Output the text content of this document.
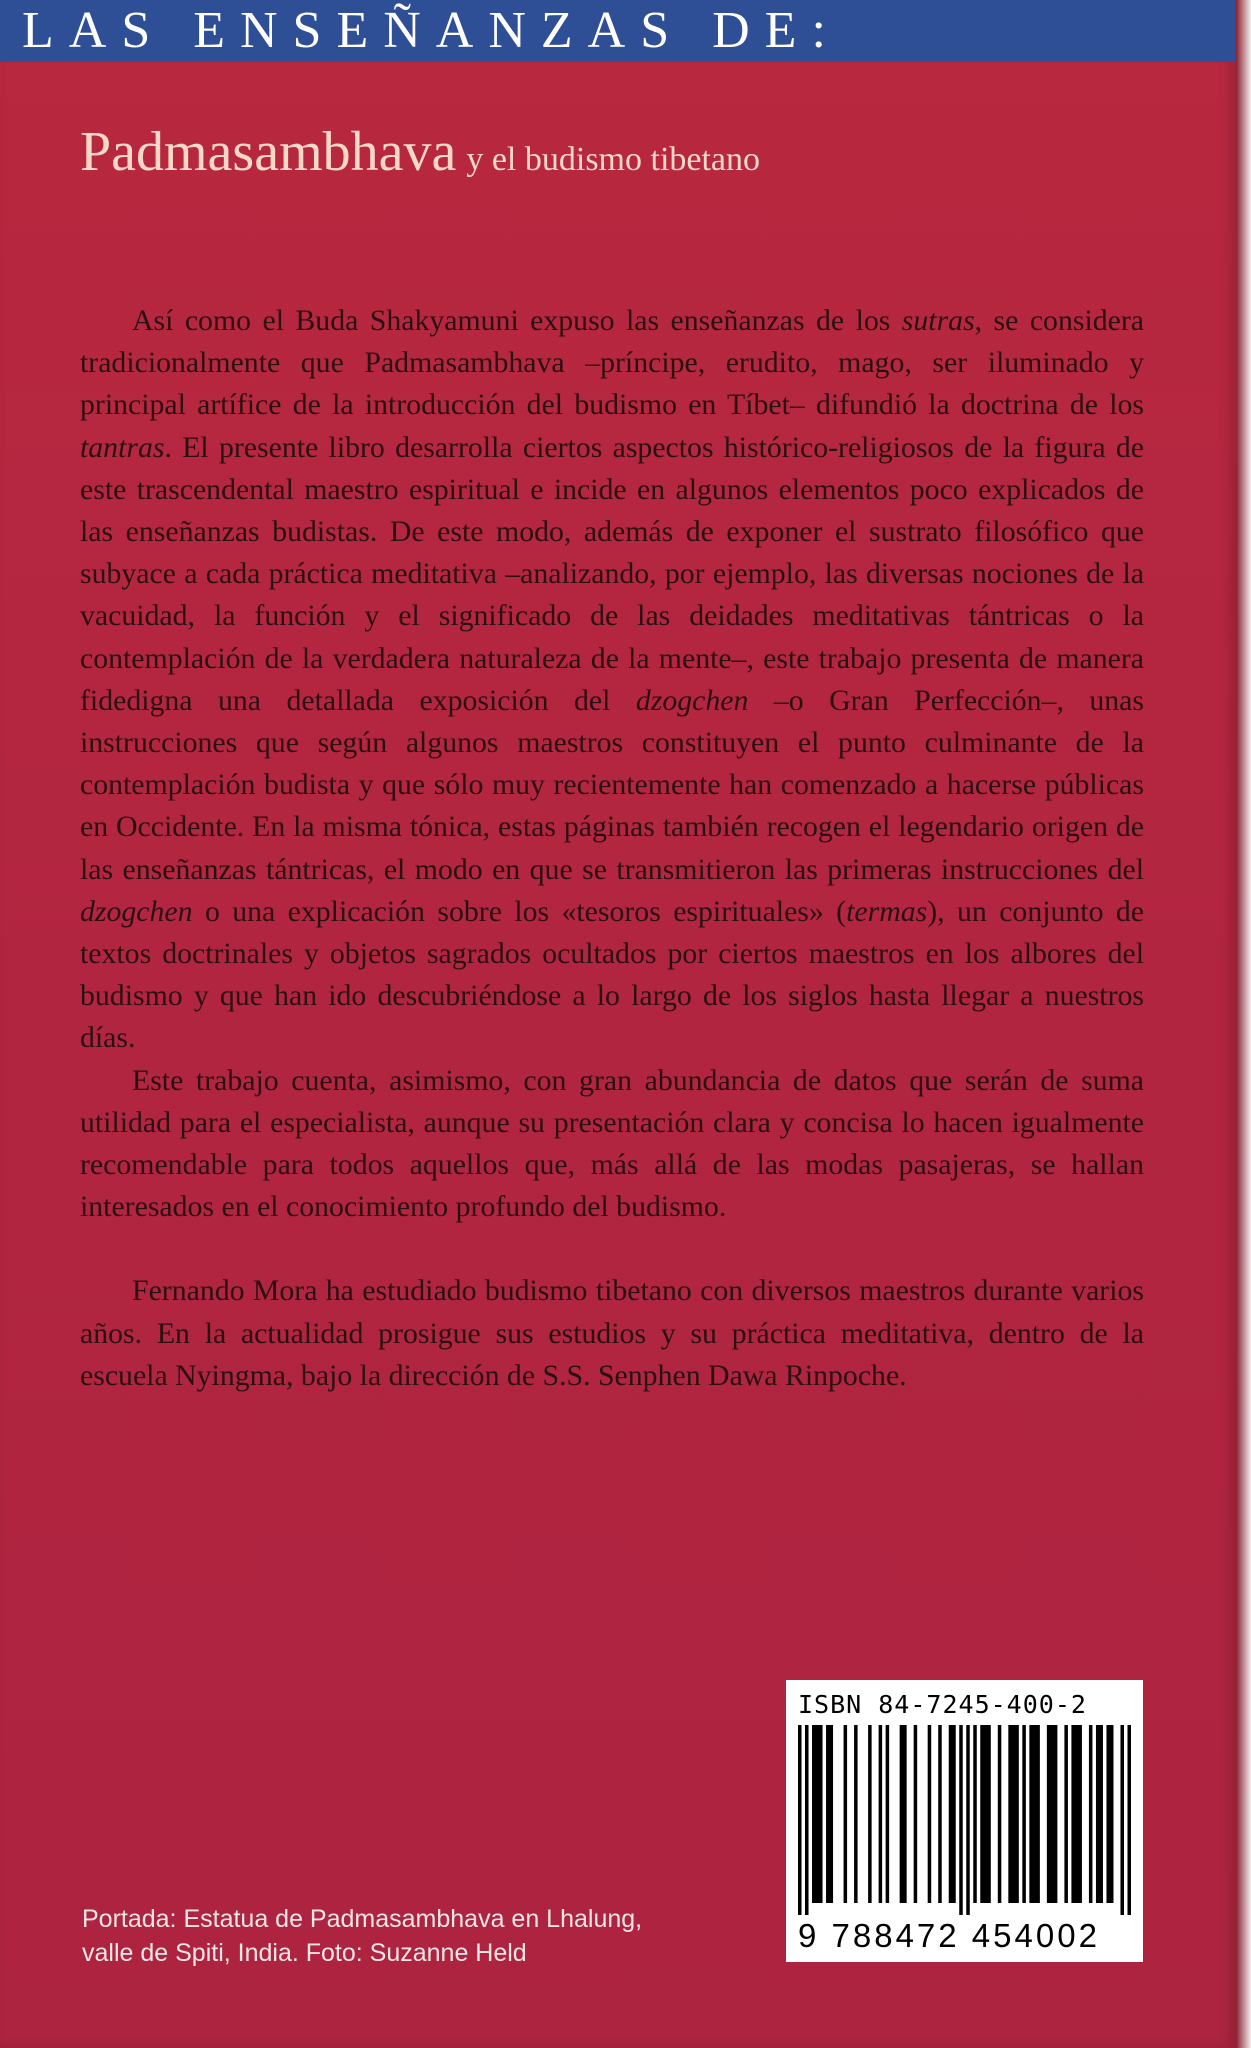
LAS ENSEÑANZAS DE:
Padmasambhava y el budismo tibetano

Así como el Buda Shakyamuni expuso las enseñanzas de los sutras, se considera tradicionalmente que Padmasambhava –príncipe, erudito, mago, ser iluminado y principal artífice de la introducción del budismo en Tíbet– difundió la doctrina de los tantras. El presente libro desarrolla ciertos aspectos histórico-religiosos de la figura de este trascendental maestro espiritual e incide en algunos elementos poco explicados de las enseñanzas budistas. De este modo, además de exponer el sustrato filosófico que subyace a cada práctica meditativa –analizando, por ejemplo, las diversas nociones de la vacuidad, la función y el significado de las deidades meditativas tántricas o la contemplación de la verdadera naturaleza de la mente–, este trabajo presenta de manera fidedigna una detallada exposición del dzogchen –o Gran Perfección–, unas instrucciones que según algunos maestros constituyen el punto culminante de la contemplación budista y que sólo muy recientemente han comenzado a hacerse públicas en Occidente. En la misma tónica, estas páginas también recogen el legendario origen de las enseñanzas tántricas, el modo en que se transmitieron las primeras instrucciones del dzogchen o una explicación sobre los «tesoros espirituales» (termas), un conjunto de textos doctrinales y objetos sagrados ocultados por ciertos maestros en los albores del budismo y que han ido descubriéndose a lo largo de los siglos hasta llegar a nuestros días.

Este trabajo cuenta, asimismo, con gran abundancia de datos que serán de suma utilidad para el especialista, aunque su presentación clara y concisa lo hacen igualmente recomendable para todos aquellos que, más allá de las modas pasajeras, se hallan interesados en el conocimiento profundo del budismo.

Fernando Mora ha estudiado budismo tibetano con diversos maestros durante varios años. En la actualidad prosigue sus estudios y su práctica meditativa, dentro de la escuela Nyingma, bajo la dirección de S.S. Senphen Dawa Rinpoche.

ISBN 84-7245-400-2
9 788472 454002
Portada: Estatua de Padmasambhava en Lhalung,
valle de Spiti, India. Foto: Suzanne Held
